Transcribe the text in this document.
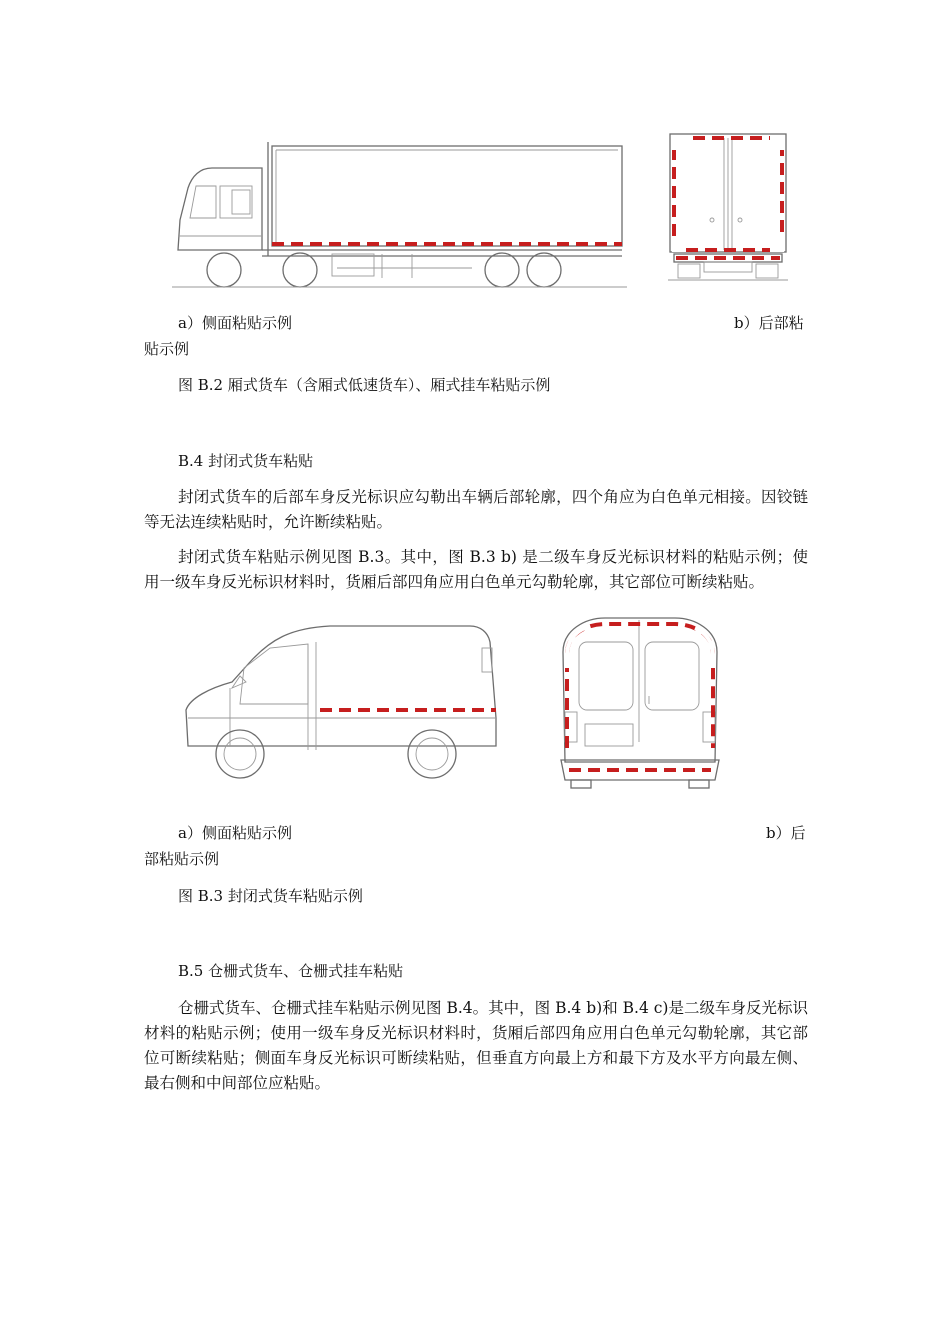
a）侧面粘贴示例	b）后部粘
贴示例
图 B.2 厢式货车（含厢式低速货车）、厢式挂车粘贴示例
B.4 封闭式货车粘贴
封闭式货车的后部车身反光标识应勾勒出车辆后部轮廓，四个角应为白色单元相接。因铰链等无法连续粘贴时，允许断续粘贴。
封闭式货车粘贴示例见图 B.3。其中，图 B.3 b) 是二级车身反光标识材料的粘贴示例；使用一级车身反光标识材料时，货厢后部四角应用白色单元勾勒轮廓，其它部位可断续粘贴。
a）侧面粘贴示例	b）后
部粘贴示例
图 B.3 封闭式货车粘贴示例
B.5 仓栅式货车、仓栅式挂车粘贴
仓栅式货车、仓栅式挂车粘贴示例见图 B.4。其中，图 B.4 b)和 B.4 c)是二级车身反光标识材料的粘贴示例；使用一级车身反光标识材料时，货厢后部四角应用白色单元勾勒轮廓，其它部位可断续粘贴；侧面车身反光标识可断续粘贴，但垂直方向最上方和最下方及水平方向最左侧、最右侧和中间部位应粘贴。
